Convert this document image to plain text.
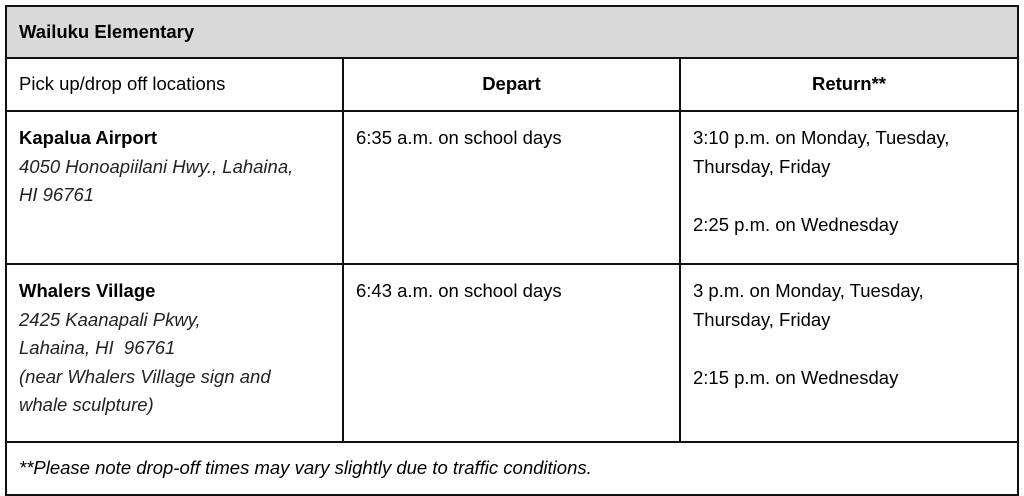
Wailuku Elementary		
Pick up/drop off locations	Depart	Return**

Kapalua Airport
4050 Honoapiilani Hwy., Lahaina,
HI 96761	6:35 a.m. on school days	3:10 p.m. on Monday, Tuesday, Thursday, Friday
2:25 p.m. on Wednesday

Whalers Village
2425 Kaanapali Pkwy,
Lahaina, HI  96761
(near Whalers Village sign and
whale sculpture)	6:43 a.m. on school days	3 p.m. on Monday, Tuesday, Thursday, Friday
2:15 p.m. on Wednesday

**Please note drop-off times may vary slightly due to traffic conditions.		
